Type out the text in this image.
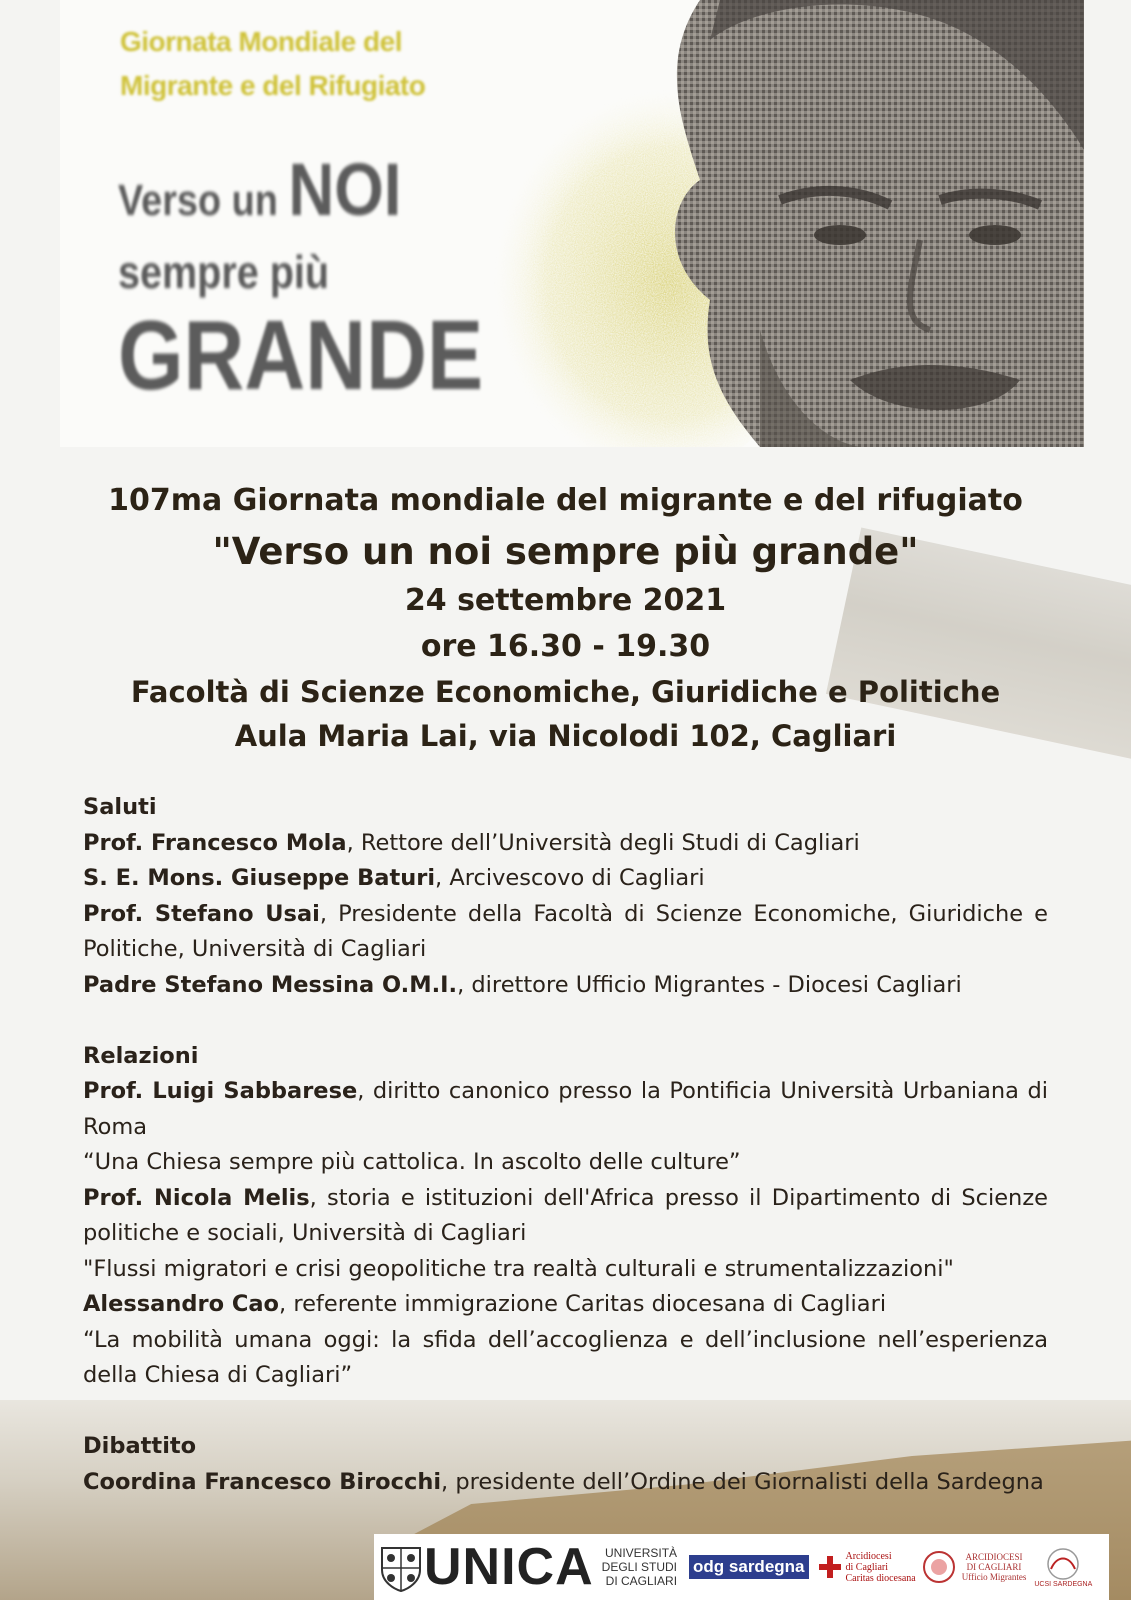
Giornata Mondiale del
Migrante e del Rifugiato
Verso un NOI
sempre più
GRANDE
107ma Giornata mondiale del migrante e del rifugiato
"Verso un noi sempre più grande"
24 settembre 2021
ore 16.30 - 19.30
Facoltà di Scienze Economiche, Giuridiche e Politiche
Aula Maria Lai, via Nicolodi 102, Cagliari
Saluti
Prof. Francesco Mola, Rettore dell’Università degli Studi di Cagliari
S. E. Mons. Giuseppe Baturi, Arcivescovo di Cagliari
Prof. Stefano Usai, Presidente della Facoltà di Scienze Economiche, Giuridiche e Politiche, Università di Cagliari
Padre Stefano Messina O.M.I., direttore Ufficio Migrantes - Diocesi Cagliari
Relazioni
Prof. Luigi Sabbarese, diritto canonico presso la Pontificia Università Urbaniana di Roma
“Una Chiesa sempre più cattolica. In ascolto delle culture”
Prof. Nicola Melis, storia e istituzioni dell'Africa presso il Dipartimento di Scienze politiche e sociali, Università di Cagliari
"Flussi migratori e crisi geopolitiche tra realtà culturali e strumentalizzazioni"
Alessandro Cao, referente immigrazione Caritas diocesana di Cagliari
“La mobilità umana oggi: la sfida dell’accoglienza e dell’inclusione nell’esperienza della Chiesa di Cagliari”
Dibattito
Coordina Francesco Birocchi, presidente dell’Ordine dei Giornalisti della Sardegna
UNICA UNIVERSITÀ
DEGLI STUDI
DI CAGLIARI
odg sardegna
Arcidiocesi
di Cagliari
Caritas diocesana
ARCIDIOCESI
DI CAGLIARI
Ufficio Migrantes
UCSI SARDEGNA
